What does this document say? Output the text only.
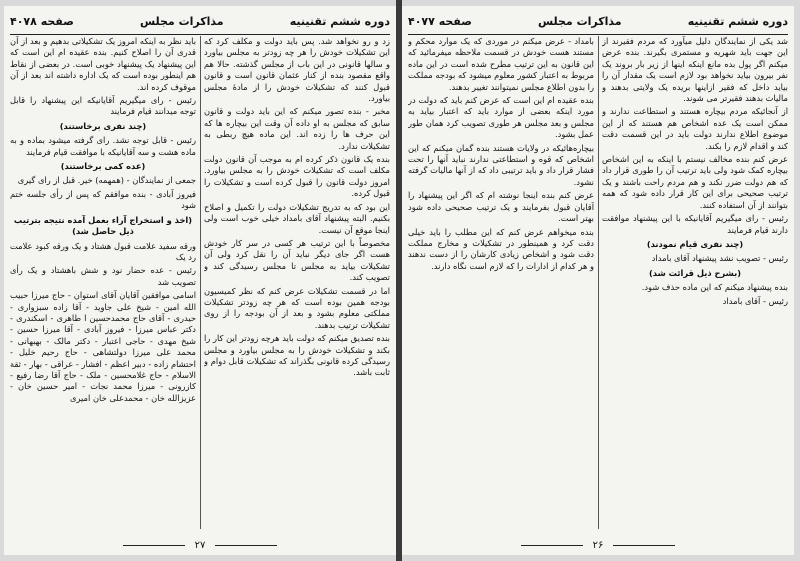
دوره ششم تقنينيه
مذاكرات مجلس
صفحه ۴۰۷۸

زد و رو نخواهد شد. پس باید دولت و مکلف کرد که این تشکیلات خودش را هر چه زودتر به مجلس بیاورد و سالها قانونی در این باب از مجلس گذشته. حالا هم واقع مقصود بنده از کنار عثمان قانون است و قانون قبول کنند که تشکیلات خودش را از مادهٔ مجلس بیاورد.

مخبر - بنده تصور میکنم که این باید دولت و قانون سابق که مجلس به او داده آن وقت این بیچاره ها که این حرف ها را زده اند. این ماده هیچ ربطی به تشکیلات ندارد.

بنده یک قانون ذکر کرده ام به موجب آن قانون دولت مکلف است که تشکیلات خودش را به مجلس بیاورد. امروز دولت قانون را قبول کرده است و تشکیلات را قبول کرده.

این بود که به تدریج تشکیلات دولت را تکمیل و اصلاح بکنیم. البته پیشنهاد آقای بامداد خیلی خوب است ولی اینجا موقع آن نیست.

مخصوصاً با این ترتیب هر کسی در سر کار خودش هست اگر جای دیگر نباید آن را نقل کرد ولی آن تشکیلات بیاید به مجلس تا مجلس رسیدگی کند و تصویب کند.

اما در قسمت تشکیلات عرض کنم که نظر کمیسیون بودجه همین بوده است که هر چه زودتر تشکیلات مملکتی معلوم بشود و بعد از آن بودجه را از روی تشکیلات ترتیب بدهند.

بنده تصدیق میکنم که دولت باید هرچه زودتر این کار را بکند و تشکیلات خودش را به مجلس بیاورد و مجلس رسیدگی کرده قانونی بگذراند که تشکیلات قابل دوام و ثابت باشد.

باید نظر به اینکه امروز یک تشکیلاتی بدهیم و بعد از آن قدری آن را اصلاح کنیم. بنده عقیده ام این است که این پیشنهاد یک پیشنهاد خوبی است. در بعضی از نقاط هم اینطور بوده است که یک اداره داشته اند بعد از آن موقوف کرده اند.

رئیس - رای میگیریم آقایانیکه این پیشنهاد را قابل توجه میدانند قیام فرمایند

(چند نفری برخاستند)

رئیس - قابل توجه نشد. رای گرفته میشود بماده و به ماده هشت و سه آقایانیکه با موافقت قیام فرمایند

(عده کمی برخاستند)

جمعی از نمایندگان - (همهمه) خیر. قبل از رای گیری

فیروز آبادی - بنده موافقم که پس از رأی جلسه ختم شود

(اخذ و استخراج آراء بعمل آمده نتیجه بترتیب ذیل حاصل شد)

ورقه سفید علامت قبول هشتاد و یک ورقه کبود علامت رد یک

رئیس - عده حضار نود و شش باهشتاد و یک رأی تصویب شد

اسامی موافقین آقایان آقای استوان - حاج میرزا حبیب الله امین - شیخ علی جاوید - آقا زاده سبزواری - حیدری - آقای حاج محمدحسین ا طاهری - اسکندری - دکتر عباس میرزا - فیروز آبادی - آقا میرزا حسین - شیخ مهدی - حاجی اعتبار - دکتر مالک - بهبهانی - محمد علی میرزا دولتشاهی - حاج رحیم خلیل - احتشام زاده - دبیر اعظم - افشار - عراقی - بهار - ثقة الاسلام - حاج غلامحسین - ملک - حاج آقا رضا رفیع - کازرونی - میرزا محمد نجات - امیر حسین خان - عزیزالله خان - محمدعلی خان امیری

۲۷
دوره ششم تقنينيه
مذاكرات مجلس
صفحه ۴۰۷۷

شد یکی از نمایندگان دلیل میآورد که مردم فقیرند از این جهت باید شهریه و مستمری بگیرند. بنده عرض میکنم اگر پول بده مانع اینکه اینها از زیر بار بروند یک نفر بیرون بیاید نخواهد بود لازم است یک مقدار آن را بیاید داخل که فقیر ازاینها بریده یک ولایتی بدهند و مالیات بدهند فقیرتر می شوند.

از آنجائیکه مردم بیچاره هستند و استطاعت ندارند و ممکن است یک عده اشخاص هم هستند که از این موضوع اطلاع ندارند دولت باید در این قسمت دقت کند و اقدام لازم را بکند.

عرض کنم بنده مخالف نیستم با اینکه به این اشخاص بیچاره کمک شود ولی باید ترتیب آن را طوری قرار داد که هم دولت ضرر نکند و هم مردم راحت باشند و یک ترتیب صحیحی برای این کار قرار داده شود که همه بتوانند از آن استفاده کنند.

رئیس - رای میگیریم آقایانیکه با این پیشنهاد موافقت دارند قیام فرمایند

(چند نفری قیام نمودند)

رئیس - تصویب نشد پیشنهاد آقای بامداد

(بشرح ذیل قرائت شد)

بنده پیشنهاد میکنم که این ماده حذف شود.

رئیس - آقای بامداد

بامداد - عرض میکنم در موردی که یک موارد محکم و مستند هست خودش در قسمت ملاحظه میفرمائید که این قانون به این ترتیب مطرح شده است در این ماده مربوط به اعتبار کشور معلوم میشود که بودجه مملکت را بدون اطلاع مجلس نمیتوانند تغییر بدهند.

بنده عقیده ام این است که عرض کنم باید که دولت در مورد اینکه بعضی از موارد باید که اعتبار بیاید به مجلس و بعد مجلس هر طوری تصویب کرد همان طور عمل بشود.

بیچاره‌هائیکه در ولایات هستند بنده گمان میکنم که این اشخاص که قوه و استطاعتی ندارند نباید آنها را تحت فشار قرار داد و باید ترتیبی داد که از آنها مالیات گرفته نشود.

عرض کنم بنده اینجا نوشته ام که اگر این پیشنهاد را آقایان قبول بفرمایند و یک ترتیب صحیحی داده شود بهتر است.

بنده میخواهم عرض کنم که این مطلب را باید خیلی دقت کرد و همینطور در تشکیلات و مخارج مملکت دقت شود و اشخاص زیادی کارشان را از دست ندهند و هر کدام از ادارات را که لازم است نگاه دارند.

۲۶
